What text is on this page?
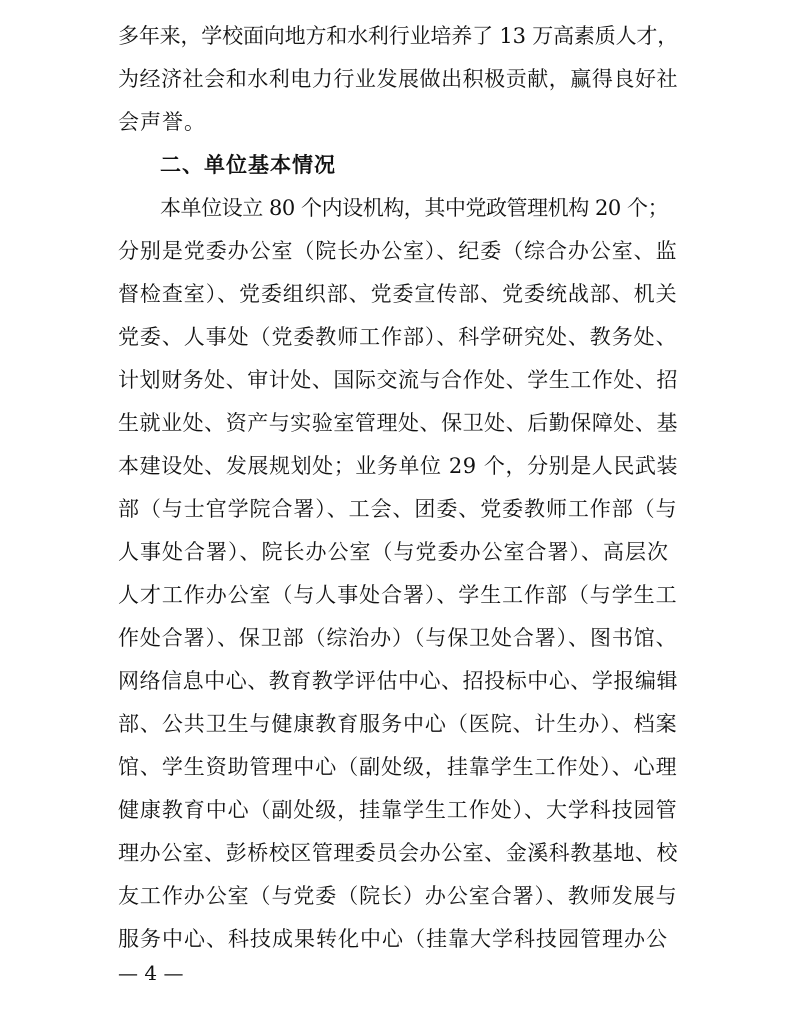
多年来，学校面向地方和水利行业培养了 13 万高素质人才，
为经济社会和水利电力行业发展做出积极贡献，赢得良好社
会声誉。
二、单位基本情况
本单位设立 80 个内设机构，其中党政管理机构 20 个；
分别是党委办公室（院长办公室）、纪委（综合办公室、监
督检查室）、党委组织部、党委宣传部、党委统战部、机关
党委、人事处（党委教师工作部）、科学研究处、教务处、
计划财务处、审计处、国际交流与合作处、学生工作处、招
生就业处、资产与实验室管理处、保卫处、后勤保障处、基
本建设处、发展规划处；业务单位 29 个，分别是人民武装
部（与士官学院合署）、工会、团委、党委教师工作部（与
人事处合署）、院长办公室（与党委办公室合署）、高层次
人才工作办公室（与人事处合署）、学生工作部（与学生工
作处合署）、保卫部（综治办）（与保卫处合署）、图书馆、
网络信息中心、教育教学评估中心、招投标中心、学报编辑
部、公共卫生与健康教育服务中心（医院、计生办）、档案
馆、学生资助管理中心（副处级，挂靠学生工作处）、心理
健康教育中心（副处级，挂靠学生工作处）、大学科技园管
理办公室、彭桥校区管理委员会办公室、金溪科教基地、校
友工作办公室（与党委（院长）办公室合署）、教师发展与
服务中心、科技成果转化中心（挂靠大学科技园管理办公
— 4 —
